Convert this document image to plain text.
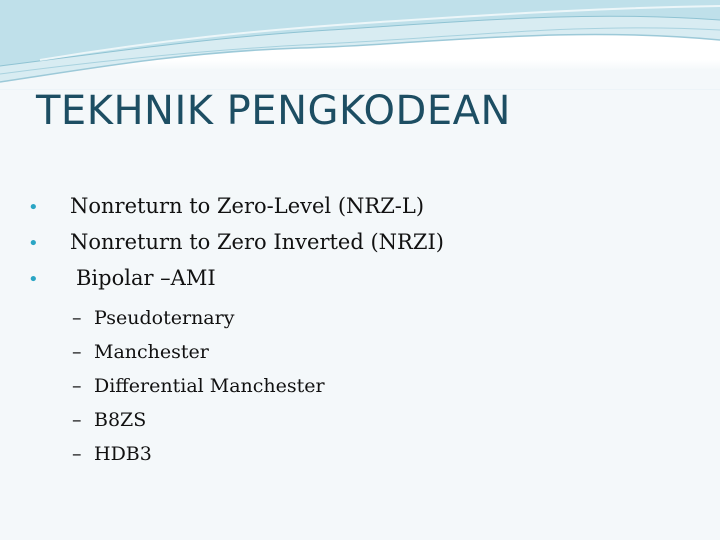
TEKHNIK PENGKODEAN
• Nonreturn to Zero-Level (NRZ-L)
• Nonreturn to Zero Inverted (NRZI)
• Bipolar –AMI
– Pseudoternary
– Manchester
– Differential Manchester
– B8ZS
– HDB3
